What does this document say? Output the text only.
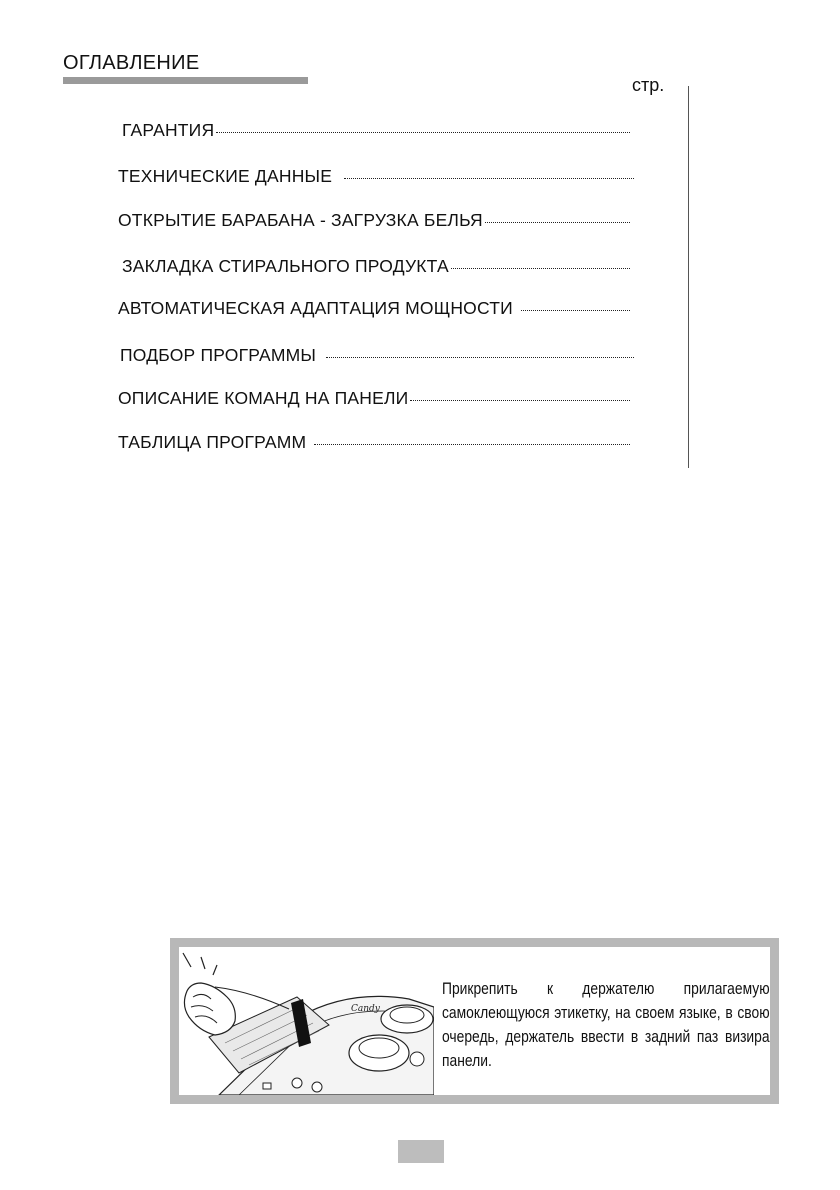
ОГЛАВЛЕНИЕ
стр.
ГАРАНТИЯ
ТЕХНИЧЕСКИЕ ДАННЫЕ
ОТКРЫТИЕ БАРАБАНА - ЗАГРУЗКА БЕЛЬЯ
ЗАКЛАДКА СТИРАЛЬНОГО ПРОДУКТА
АВТОМАТИЧЕСКАЯ АДАПТАЦИЯ МОЩНОСТИ
ПОДБОР ПРОГРАММЫ
ОПИСАНИЕ КОМАНД НА ПАНЕЛИ
ТАБЛИЦА ПРОГРАММ
Candy
Прикрепить к держателю прилагаемую самоклеющуюся этикетку, на своем языке, в свою очередь, держатель ввести в задний паз визира панели.
